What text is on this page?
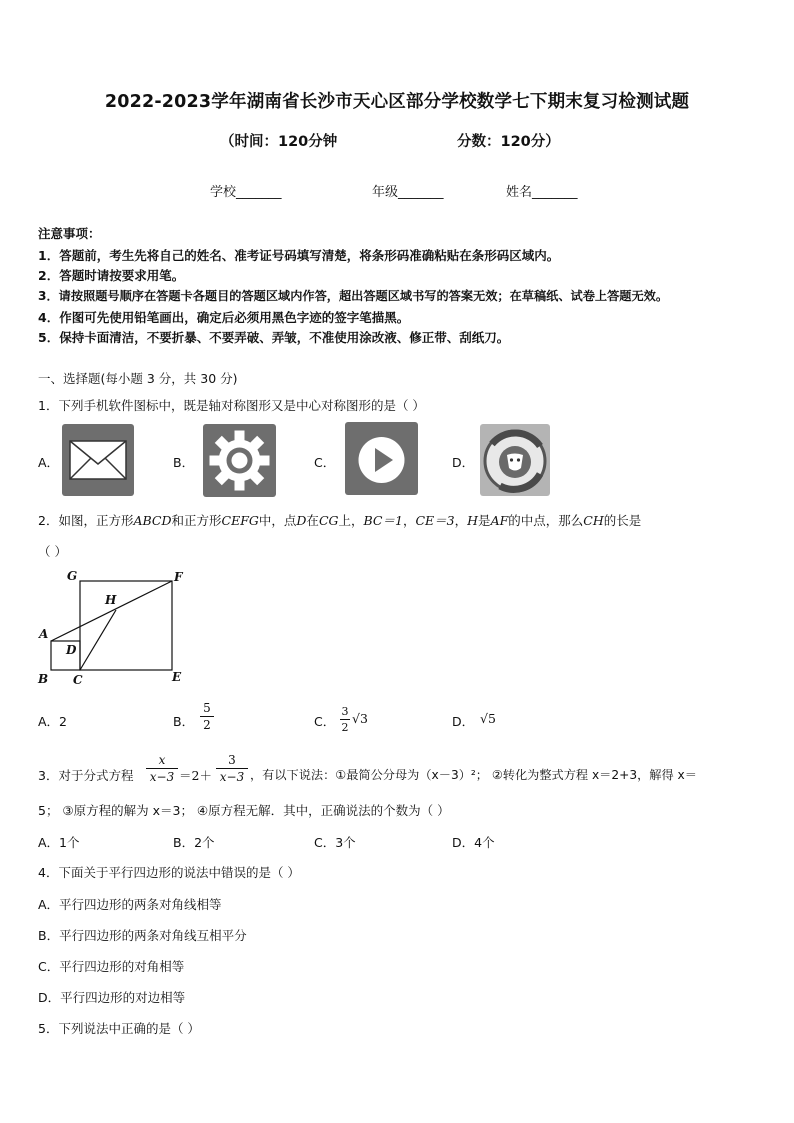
2022-2023学年湖南省长沙市天心区部分学校数学七下期末复习检测试题
（时间：120分钟	分数：120分）
学校_______	年级_______	姓名_______
注意事项：
1．答题前，考生先将自己的姓名、准考证号码填写清楚，将条形码准确粘贴在条形码区域内。
2．答题时请按要求用笔。
3．请按照题号顺序在答题卡各题目的答题区域内作答，超出答题区域书写的答案无效；在草稿纸、试卷上答题无效。
4．作图可先使用铅笔画出，确定后必须用黑色字迹的签字笔描黑。
5．保持卡面清洁，不要折暴、不要弄破、弄皱，不准使用涂改液、修正带、刮纸刀。
一、选择题(每小题 3 分，共 30 分)
1．下列手机软件图标中，既是轴对称图形又是中心对称图形的是（ ）
A．	B．	C．	D．
2．如图，正方形ABCD和正方形CEFG中，点D在CG上，BC＝1，CE＝3，H是AF的中点，那么CH的长是
（ ）
G	F
H
A
D
B C	E
A．2	B．
5
2	C．
3
2
√3	D． √5
3．对于分式方程
x
x−3 ＝2＋
3
x−3 ，有以下说法：①最简公分母为（x－3）²； ②转化为整式方程 x＝2+3，解得 x＝
5； ③原方程的解为 x＝3； ④原方程无解．其中，正确说法的个数为（ ）
A．1个	B．2个	C．3个	D．4个
4．下面关于平行四边形的说法中错误的是（ ）
A．平行四边形的两条对角线相等
B．平行四边形的两条对角线互相平分
C．平行四边形的对角相等
D．平行四边形的对边相等
5．下列说法中正确的是（ ）
